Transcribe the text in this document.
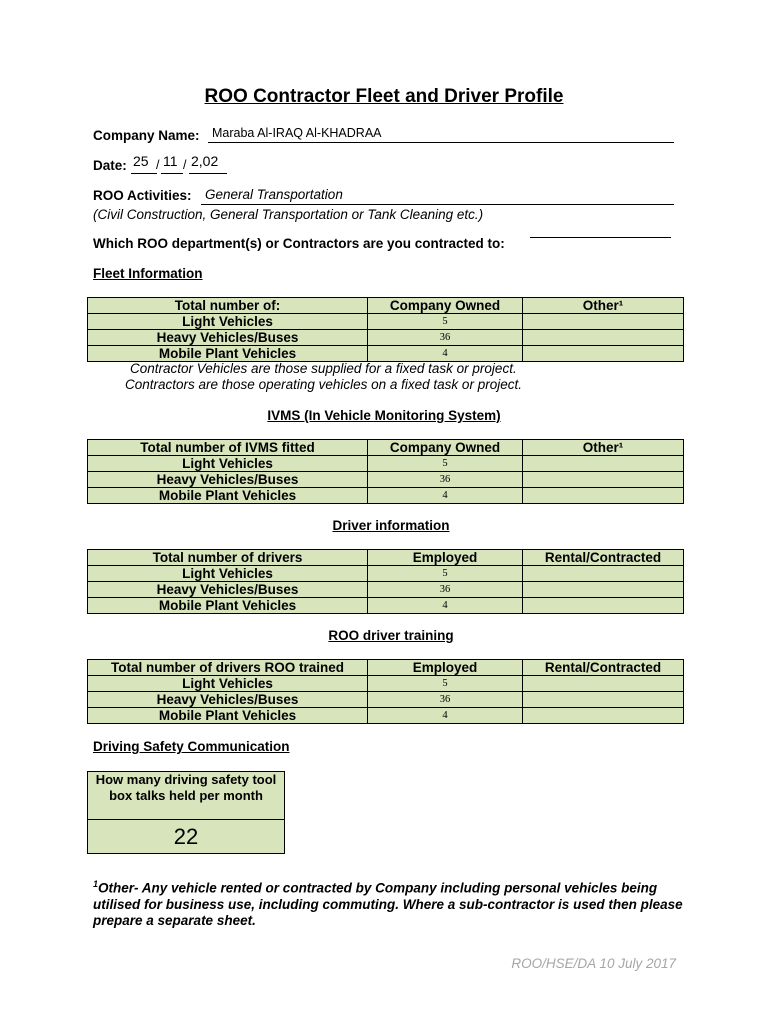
ROO Contractor Fleet and Driver Profile
Company Name: Maraba Al-IRAQ Al-KHADRAA
Date: 25 / 11 / 2,02
ROO Activities: General Transportation
(Civil Construction, General Transportation or Tank Cleaning etc.)
Which ROO department(s) or Contractors are you contracted to:
Fleet Information
Total number of:	Company Owned	Other¹
Light Vehicles	5	
Heavy Vehicles/Buses	36	
Mobile Plant Vehicles	4	
Contractor Vehicles are those supplied for a fixed task or project.
Contractors are those operating vehicles on a fixed task or project.
IVMS (In Vehicle Monitoring System)
Total number of IVMS fitted	Company Owned	Other¹
Light Vehicles	5	
Heavy Vehicles/Buses	36	
Mobile Plant Vehicles	4	
Driver information
Total number of drivers	Employed	Rental/Contracted
Light Vehicles	5	
Heavy Vehicles/Buses	36	
Mobile Plant Vehicles	4	
ROO driver training
Total number of drivers ROO trained	Employed	Rental/Contracted
Light Vehicles	5	
Heavy Vehicles/Buses	36	
Mobile Plant Vehicles	4	
Driving Safety Communication
How many driving safety tool box talks held per month
22
$^1$Other- Any vehicle rented or contracted by Company including personal vehicles being utilised for business use, including commuting. Where a sub-contractor is used then please prepare a separate sheet.
ROO/HSE/DA 10 July 2017
